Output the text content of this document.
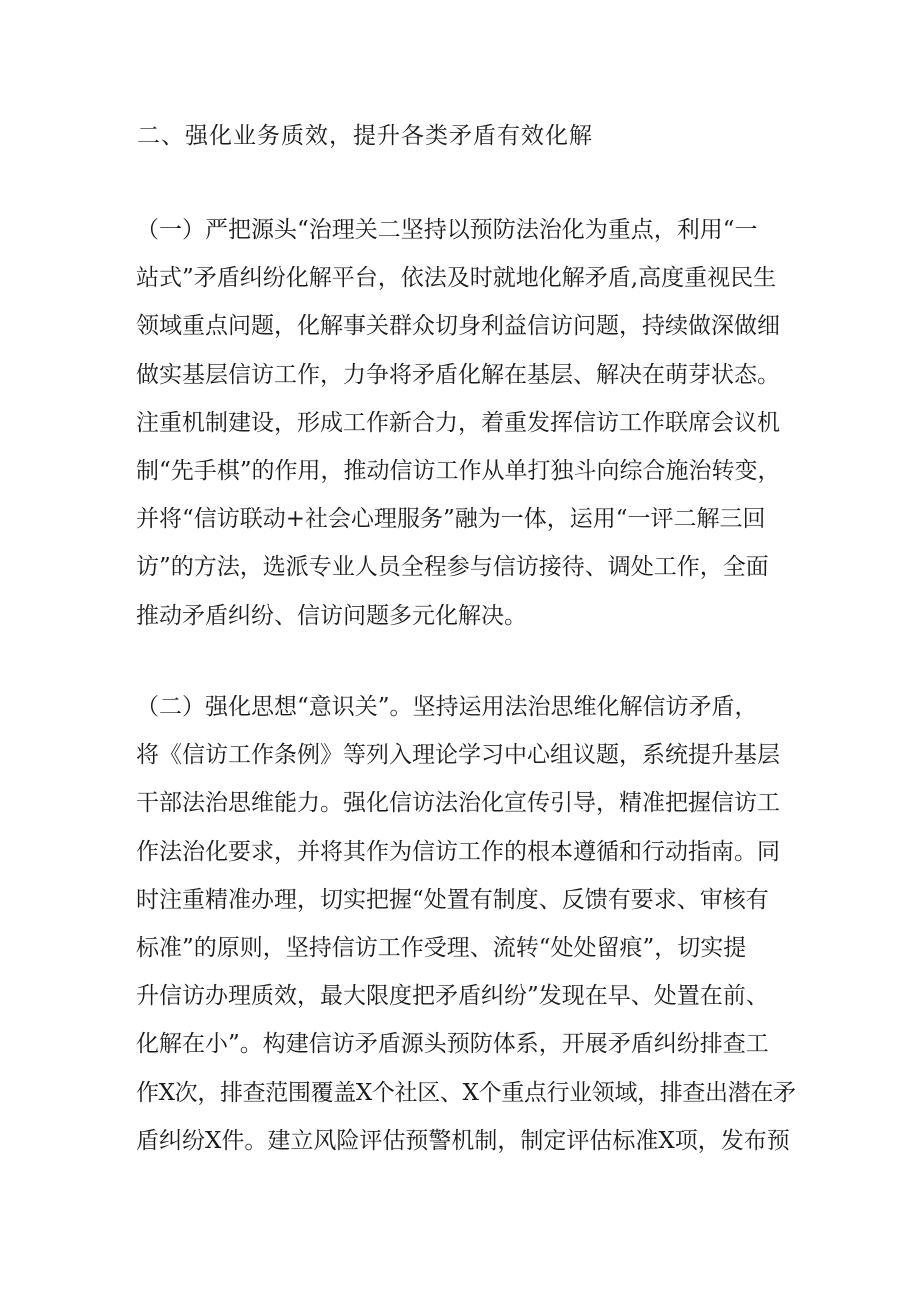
二、强化业务质效，提升各类矛盾有效化解
（一）严把源头“治理关二坚持以预防法治化为重点，利用“一
站式”矛盾纠纷化解平台，依法及时就地化解矛盾,高度重视民生
领域重点问题，化解事关群众切身利益信访问题，持续做深做细
做实基层信访工作，力争将矛盾化解在基层、解决在萌芽状态。
注重机制建设，形成工作新合力，着重发挥信访工作联席会议机
制“先手棋”的作用，推动信访工作从单打独斗向综合施治转变，
并将“信访联动+社会心理服务”融为一体，运用“一评二解三回
访”的方法，选派专业人员全程参与信访接待、调处工作，全面
推动矛盾纠纷、信访问题多元化解决。
（二）强化思想“意识关”。坚持运用法治思维化解信访矛盾，
将《信访工作条例》等列入理论学习中心组议题，系统提升基层
干部法治思维能力。强化信访法治化宣传引导，精准把握信访工
作法治化要求，并将其作为信访工作的根本遵循和行动指南。同
时注重精准办理，切实把握“处置有制度、反馈有要求、审核有
标准”的原则，坚持信访工作受理、流转“处处留痕”，切实提
升信访办理质效，最大限度把矛盾纠纷”发现在早、处置在前、
化解在小”。构建信访矛盾源头预防体系，开展矛盾纠纷排查工
作X次，排查范围覆盖X个社区、X个重点行业领域，排查出潜在矛
盾纠纷X件。建立风险评估预警机制，制定评估标准X项，发布预
